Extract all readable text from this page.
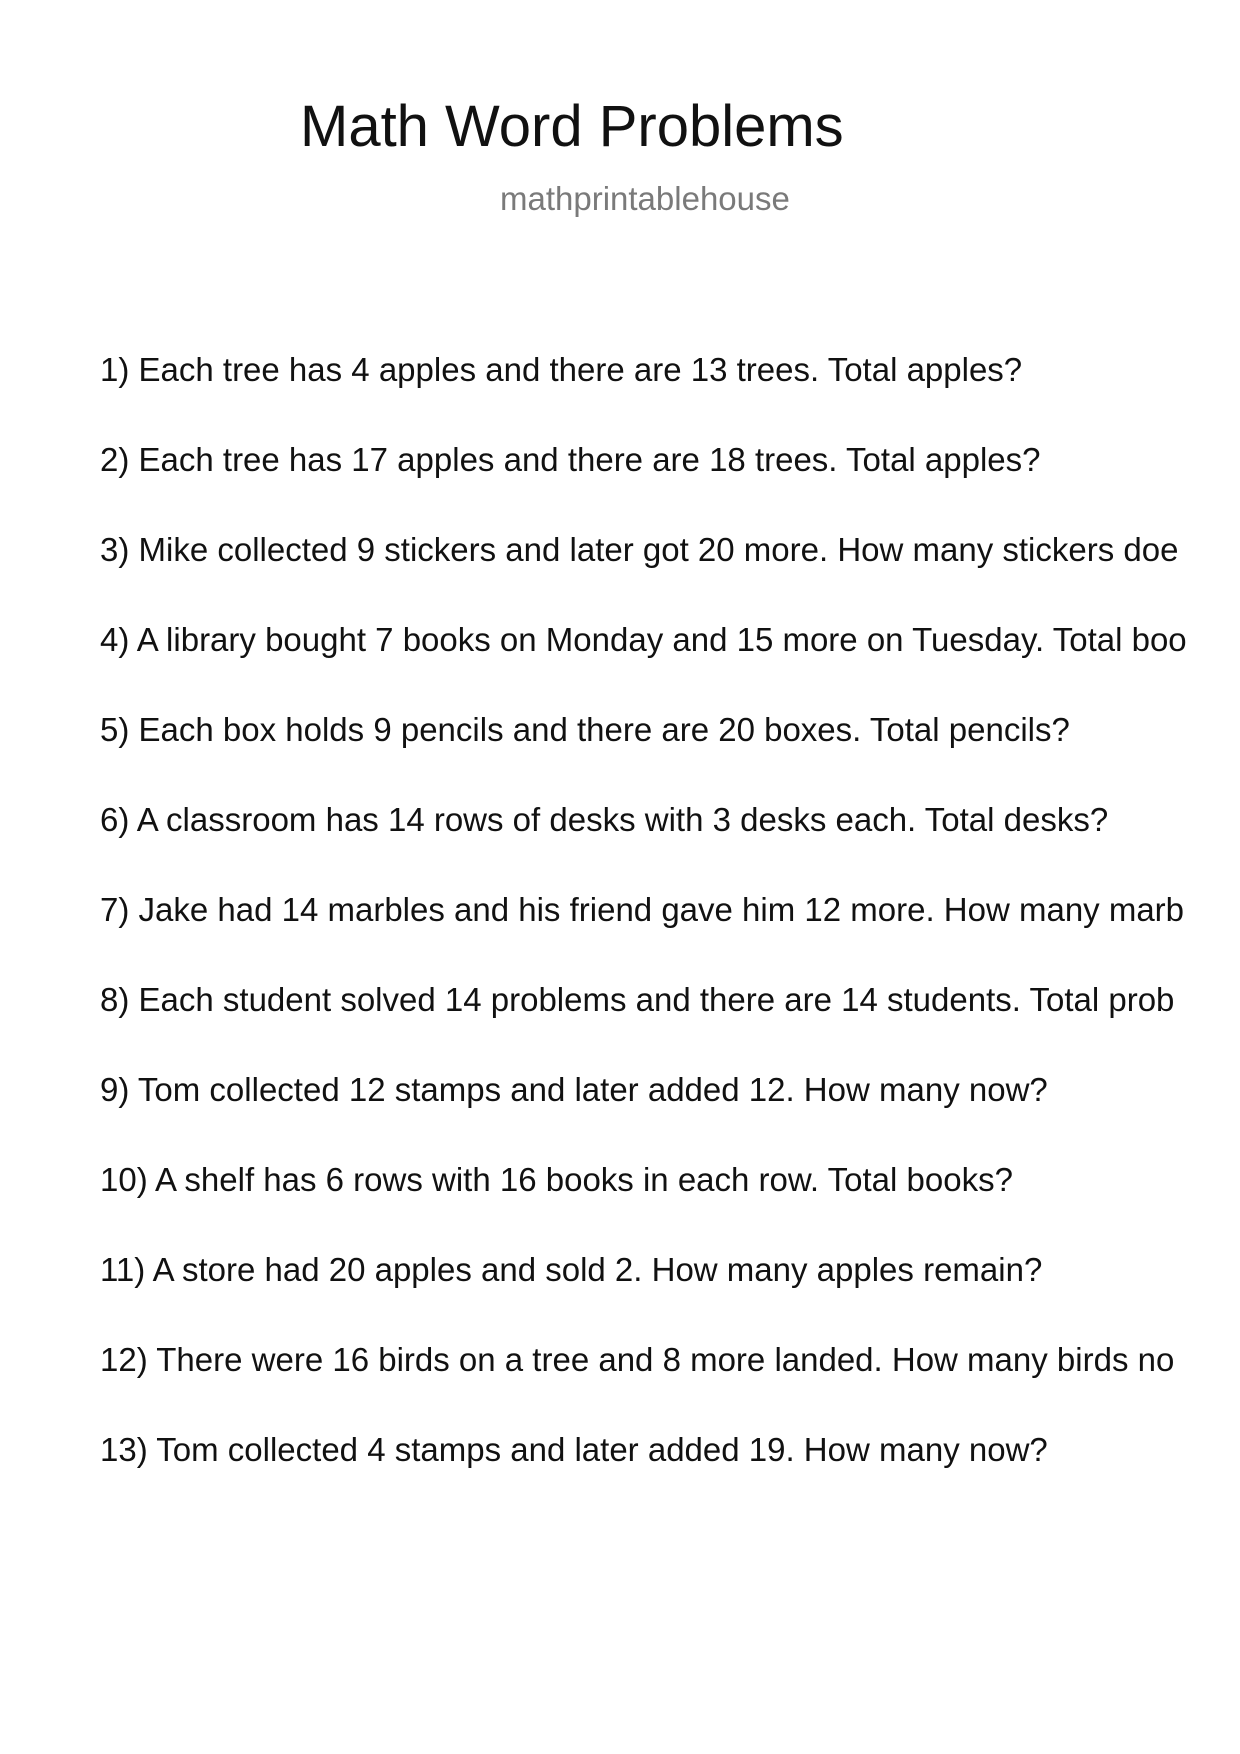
Math Word Problems
mathprintablehouse
1) Each tree has 4 apples and there are 13 trees. Total apples?
2) Each tree has 17 apples and there are 18 trees. Total apples?
3) Mike collected 9 stickers and later got 20 more. How many stickers doe
4) A library bought 7 books on Monday and 15 more on Tuesday. Total boo
5) Each box holds 9 pencils and there are 20 boxes. Total pencils?
6) A classroom has 14 rows of desks with 3 desks each. Total desks?
7) Jake had 14 marbles and his friend gave him 12 more. How many marb
8) Each student solved 14 problems and there are 14 students. Total prob
9) Tom collected 12 stamps and later added 12. How many now?
10) A shelf has 6 rows with 16 books in each row. Total books?
11) A store had 20 apples and sold 2. How many apples remain?
12) There were 16 birds on a tree and 8 more landed. How many birds no
13) Tom collected 4 stamps and later added 19. How many now?
